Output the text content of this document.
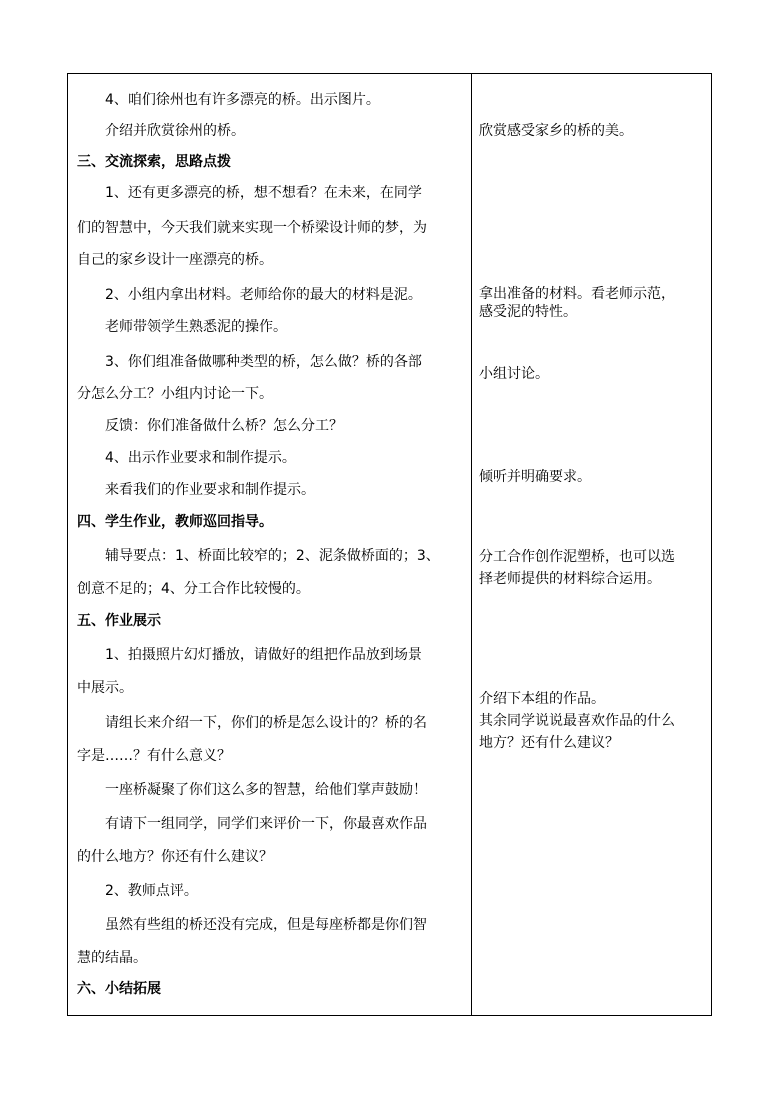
4、咱们徐州也有许多漂亮的桥。出示图片。
介绍并欣赏徐州的桥。
三、交流探索，思路点拨
1、还有更多漂亮的桥，想不想看？在未来，在同学
们的智慧中，今天我们就来实现一个桥梁设计师的梦，为
自己的家乡设计一座漂亮的桥。
2、小组内拿出材料。老师给你的最大的材料是泥。
老师带领学生熟悉泥的操作。
3、你们组准备做哪种类型的桥，怎么做？桥的各部
分怎么分工？小组内讨论一下。
反馈：你们准备做什么桥？怎么分工？
4、出示作业要求和制作提示。
来看我们的作业要求和制作提示。
四、学生作业，教师巡回指导。
辅导要点：1、桥面比较窄的；2、泥条做桥面的；3、
创意不足的；4、分工合作比较慢的。
五、作业展示
1、拍摄照片幻灯播放，请做好的组把作品放到场景
中展示。
请组长来介绍一下，你们的桥是怎么设计的？桥的名
字是……？有什么意义？
一座桥凝聚了你们这么多的智慧，给他们掌声鼓励！
有请下一组同学，同学们来评价一下，你最喜欢作品
的什么地方？你还有什么建议？
2、教师点评。
虽然有些组的桥还没有完成，但是每座桥都是你们智
慧的结晶。
六、小结拓展
欣赏感受家乡的桥的美。
拿出准备的材料。看老师示范，
感受泥的特性。
小组讨论。
倾听并明确要求。
分工合作创作泥塑桥，也可以选
择老师提供的材料综合运用。
介绍下本组的作品。
其余同学说说最喜欢作品的什么
地方？还有什么建议？
